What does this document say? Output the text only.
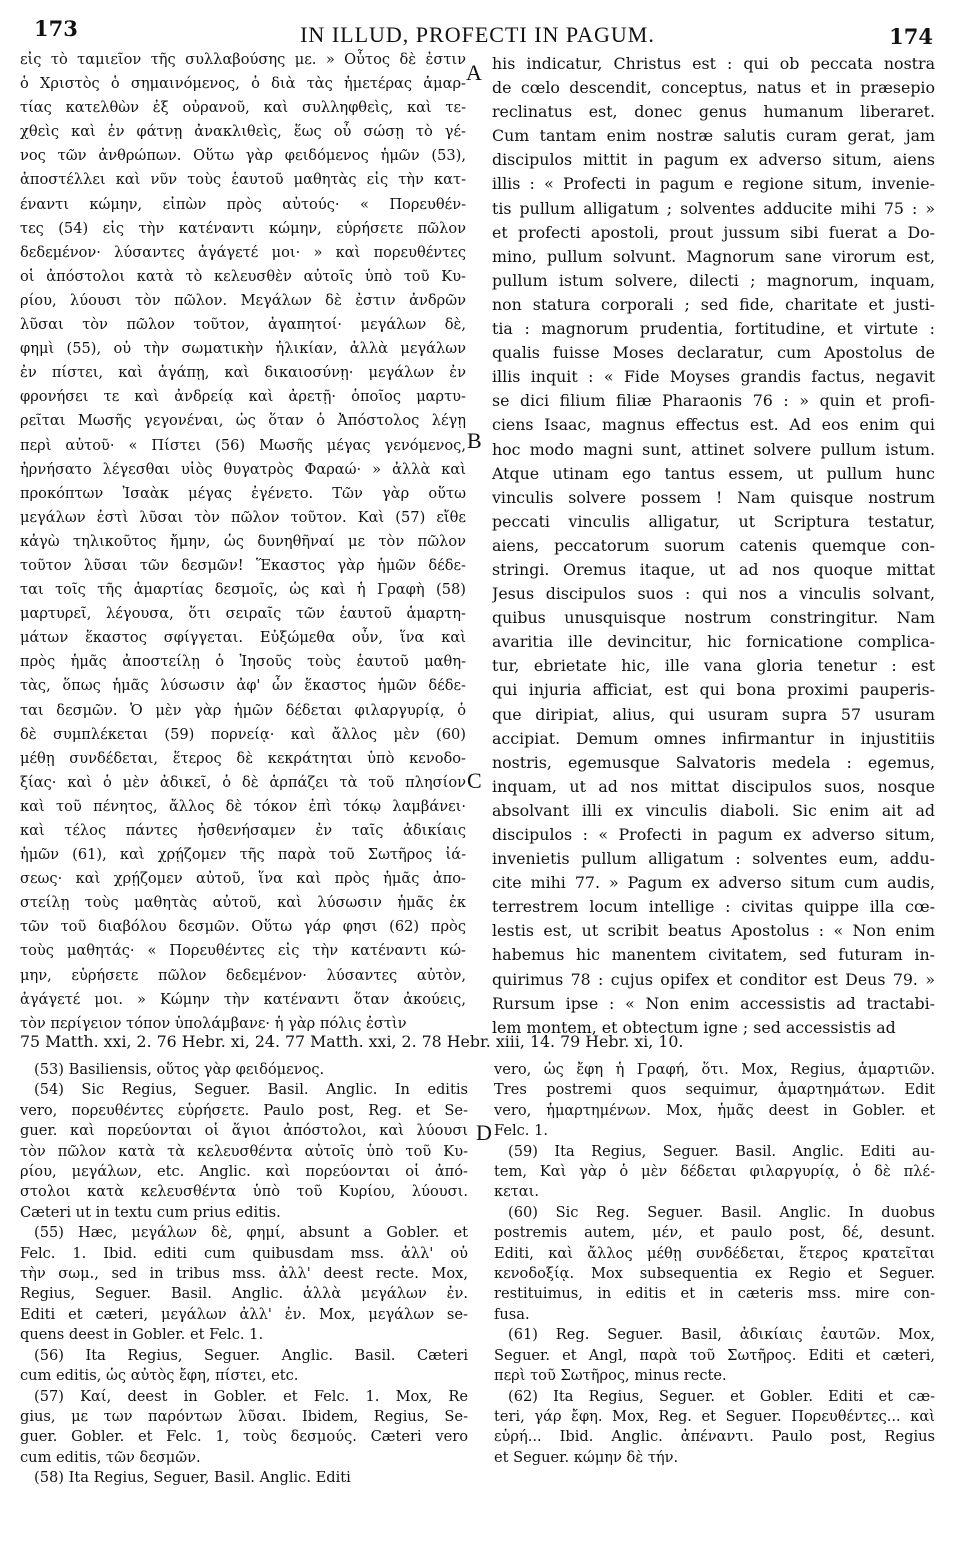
173	IN ILLUD, PROFECTI IN PAGUM.	174
εἰς τὸ ταμιεῖον τῆς συλλαβούσης με. » Οὗτος δὲ ἐστιν
ὁ Χριστὸς ὁ σημαινόμενος, ὁ διὰ τὰς ἡμετέρας ἁμαρ-
τίας κατελθὼν ἐξ οὐρανοῦ, καὶ συλληφθεὶς, καὶ τε-
χθεὶς καὶ ἐν φάτνῃ ἀνακλιθεὶς, ἕως οὗ σώσῃ τὸ γέ-
νος τῶν ἀνθρώπων. Οὕτω γὰρ φειδόμενος ἡμῶν (53),
ἀποστέλλει καὶ νῦν τοὺς ἑαυτοῦ μαθητὰς εἰς τὴν κατ-
έναντι κώμην, εἰπὼν πρὸς αὐτούς· « Πορευθέν-
τες (54) εἰς τὴν κατέναντι κώμην, εὑρήσετε πῶλον
δεδεμένον· λύσαντες ἀγάγετέ μοι· » καὶ πορευθέντες
οἱ ἀπόστολοι κατὰ τὸ κελευσθὲν αὐτοῖς ὑπὸ τοῦ Κυ-
ρίου, λύουσι τὸν πῶλον. Μεγάλων δὲ ἐστιν ἀνδρῶν
λῦσαι τὸν πῶλον τοῦτον, ἀγαπητοί· μεγάλων δὲ,
φημὶ (55), οὐ τὴν σωματικὴν ἡλικίαν, ἀλλὰ μεγάλων
ἐν πίστει, καὶ ἀγάπῃ, καὶ δικαιοσύνῃ· μεγάλων ἐν
φρονήσει τε καὶ ἀνδρείᾳ καὶ ἀρετῇ· ὁποῖος μαρτυ-
ρεῖται Μωσῆς γεγονέναι, ὡς ὅταν ὁ Ἀπόστολος λέγῃ
περὶ αὐτοῦ· « Πίστει (56) Μωσῆς μέγας γενόμενος,
ἠρνήσατο λέγεσθαι υἱὸς θυγατρὸς Φαραώ· » ἀλλὰ καὶ
προκόπτων Ἰσαὰκ μέγας ἐγένετο. Τῶν γὰρ οὕτω
μεγάλων ἐστὶ λῦσαι τὸν πῶλον τοῦτον. Καὶ (57) εἴθε
κἀγὼ τηλικοῦτος ἤμην, ὡς δυνηθῆναί με τὸν πῶλον
τοῦτον λῦσαι τῶν δεσμῶν! Ἕκαστος γὰρ ἡμῶν δέδε-
ται τοῖς τῆς ἁμαρτίας δεσμοῖς, ὡς καὶ ἡ Γραφὴ (58)
μαρτυρεῖ, λέγουσα, ὅτι σειραῖς τῶν ἑαυτοῦ ἁμαρτη-
μάτων ἕκαστος σφίγγεται. Εὐξώμεθα οὖν, ἵνα καὶ
πρὸς ἡμᾶς ἀποστείλῃ ὁ Ἰησοῦς τοὺς ἑαυτοῦ μαθη-
τὰς, ὅπως ἡμᾶς λύσωσιν ἀφ' ὧν ἕκαστος ἡμῶν δέδε-
ται δεσμῶν. Ὁ μὲν γὰρ ἡμῶν δέδεται φιλαργυρίᾳ, ὁ
δὲ συμπλέκεται (59) πορνείᾳ· καὶ ἄλλος μὲν (60)
μέθῃ συνδέδεται, ἕτερος δὲ κεκράτηται ὑπὸ κενοδο-
ξίας· καὶ ὁ μὲν ἀδικεῖ, ὁ δὲ ἁρπάζει τὰ τοῦ πλησίον
καὶ τοῦ πένητος, ἄλλος δὲ τόκον ἐπὶ τόκῳ λαμβάνει·
καὶ τέλος πάντες ἠσθενήσαμεν ἐν ταῖς ἀδικίαις
ἡμῶν (61), καὶ χρῄζομεν τῆς παρὰ τοῦ Σωτῆρος ἰά-
σεως· καὶ χρῄζομεν αὐτοῦ, ἵνα καὶ πρὸς ἡμᾶς ἀπο-
στείλῃ τοὺς μαθητὰς αὐτοῦ, καὶ λύσωσιν ἡμᾶς ἐκ
τῶν τοῦ διαβόλου δεσμῶν. Οὕτω γάρ φησι (62) πρὸς
τοὺς μαθητάς· « Πορευθέντες εἰς τὴν κατέναντι κώ-
μην, εὑρήσετε πῶλον δεδεμένον· λύσαντες αὐτὸν,
ἀγάγετέ μοι. » Κώμην τὴν κατέναντι ὅταν ἀκούεις,
τὸν περίγειον τόπον ὑπολάμβανε· ἡ γὰρ πόλις ἐστὶν
his indicatur, Christus est : qui ob peccata nostra
de cœlo descendit, conceptus, natus et in præsepio
reclinatus est, donec genus humanum liberaret.
Cum tantam enim nostræ salutis curam gerat, jam
discipulos mittit in pagum ex adverso situm, aiens
illis : « Profecti in pagum e regione situm, invenie-
tis pullum alligatum ; solventes adducite mihi 75 : »
et profecti apostoli, prout jussum sibi fuerat a Do-
mino, pullum solvunt. Magnorum sane virorum est,
pullum istum solvere, dilecti ; magnorum, inquam,
non statura corporali ; sed fide, charitate et justi-
tia : magnorum prudentia, fortitudine, et virtute :
qualis fuisse Moses declaratur, cum Apostolus de
illis inquit : « Fide Moyses grandis factus, negavit
se dici filium filiæ Pharaonis 76 : » quin et profi-
ciens Isaac, magnus effectus est. Ad eos enim qui
hoc modo magni sunt, attinet solvere pullum istum.
Atque utinam ego tantus essem, ut pullum hunc
vinculis solvere possem ! Nam quisque nostrum
peccati vinculis alligatur, ut Scriptura testatur,
aiens, peccatorum suorum catenis quemque con-
stringi. Oremus itaque, ut ad nos quoque mittat
Jesus discipulos suos : qui nos a vinculis solvant,
quibus unusquisque nostrum constringitur. Nam
avaritia ille devincitur, hic fornicatione complica-
tur, ebrietate hic, ille vana gloria tenetur : est
qui injuria afficiat, est qui bona proximi pauperis-
que diripiat, alius, qui usuram supra 57 usuram
accipiat. Demum omnes infirmantur in injustitiis
nostris, egemusque Salvatoris medela : egemus,
inquam, ut ad nos mittat discipulos suos, nosque
absolvant illi ex vinculis diaboli. Sic enim ait ad
discipulos : « Profecti in pagum ex adverso situm,
invenietis pullum alligatum : solventes eum, addu-
cite mihi 77. » Pagum ex adverso situm cum audis,
terrestrem locum intellige : civitas quippe illa cœ-
lestis est, ut scribit beatus Apostolus : « Non enim
habemus hic manentem civitatem, sed futuram in-
quirimus 78 : cujus opifex et conditor est Deus 79. »
Rursum ipse : « Non enim accessistis ad tractabi-
lem montem, et obtectum igne ; sed accessistis ad
A
B
C
D
75 Matth. xxi, 2. 76 Hebr. xi, 24. 77 Matth. xxi, 2. 78 Hebr. xiii, 14. 79 Hebr. xi, 10.
(53) Basiliensis, οὕτος γὰρ φειδόμενος.
(54) Sic Regius, Seguer. Basil. Anglic. In editis
vero, πορευθέντες εὑρήσετε. Paulo post, Reg. et Se-
guer. καὶ πορεύονται οἱ ἅγιοι ἀπόστολοι, καὶ λύουσι
τὸν πῶλον κατὰ τὰ κελευσθέντα αὐτοῖς ὑπὸ τοῦ Κυ-
ρίου, μεγάλων, etc. Anglic. καὶ πορεύονται οἱ ἀπό-
στολοι κατὰ κελευσθέντα ὑπὸ τοῦ Κυρίου, λύουσι.
Cæteri ut in textu cum prius editis.
(55) Hæc, μεγάλων δὲ, φημί, absunt a Gobler. et
Felc. 1. Ibid. editi cum quibusdam mss. ἀλλ' οὐ
τὴν σωμ., sed in tribus mss. ἀλλ' deest recte. Mox,
Regius, Seguer. Basil. Anglic. ἀλλὰ μεγάλων ἐν.
Editi et cæteri, μεγάλων ἀλλ' ἐν. Mox, μεγάλων se-
quens deest in Gobler. et Felc. 1.
(56) Ita Regius, Seguer. Anglic. Basil. Cæteri
cum editis, ὡς αὐτὸς ἔφη, πίστει, etc.
(57) Καί, deest in Gobler. et Felc. 1. Mox, Re
gius, με των παρόντων λῦσαι. Ibidem, Regius, Se-
guer. Gobler. et Felc. 1, τοὺς δεσμούς. Cæteri vero
cum editis, τῶν δεσμῶν.
(58) Ita Regius, Seguer, Basil. Anglic. Editi
vero, ὡς ἔφη ἡ Γραφή, ὅτι. Mox, Regius, ἁμαρτιῶν.
Tres postremi quos sequimur, ἁμαρτημάτων. Edit
vero, ἡμαρτημένων. Mox, ἡμᾶς deest in Gobler. et
Felc. 1.
(59) Ita Regius, Seguer. Basil. Anglic. Editi au-
tem, Καὶ γὰρ ὁ μὲν δέδεται φιλαργυρίᾳ, ὁ δὲ πλέ-
κεται.
(60) Sic Reg. Seguer. Basil. Anglic. In duobus
postremis autem, μέν, et paulo post, δέ, desunt.
Editi, καὶ ἄλλος μέθῃ συνδέδεται, ἕτερος κρατεῖται
κενοδοξίᾳ. Mox subsequentia ex Regio et Seguer.
restituimus, in editis et in cæteris mss. mire con-
fusa.
(61) Reg. Seguer. Basil, ἀδικίαις ἑαυτῶν. Mox,
Seguer. et Angl, παρὰ τοῦ Σωτῆρος. Editi et cæteri,
περὶ τοῦ Σωτῆρος, minus recte.
(62) Ita Regius, Seguer. et Gobler. Editi et cæ-
teri, γάρ ἔφη. Mox, Reg. et Seguer. Πορευθέντες... καὶ
εὑρή... Ibid. Anglic. ἀπέναντι. Paulo post, Regius
et Seguer. κώμην δὲ τήν.
